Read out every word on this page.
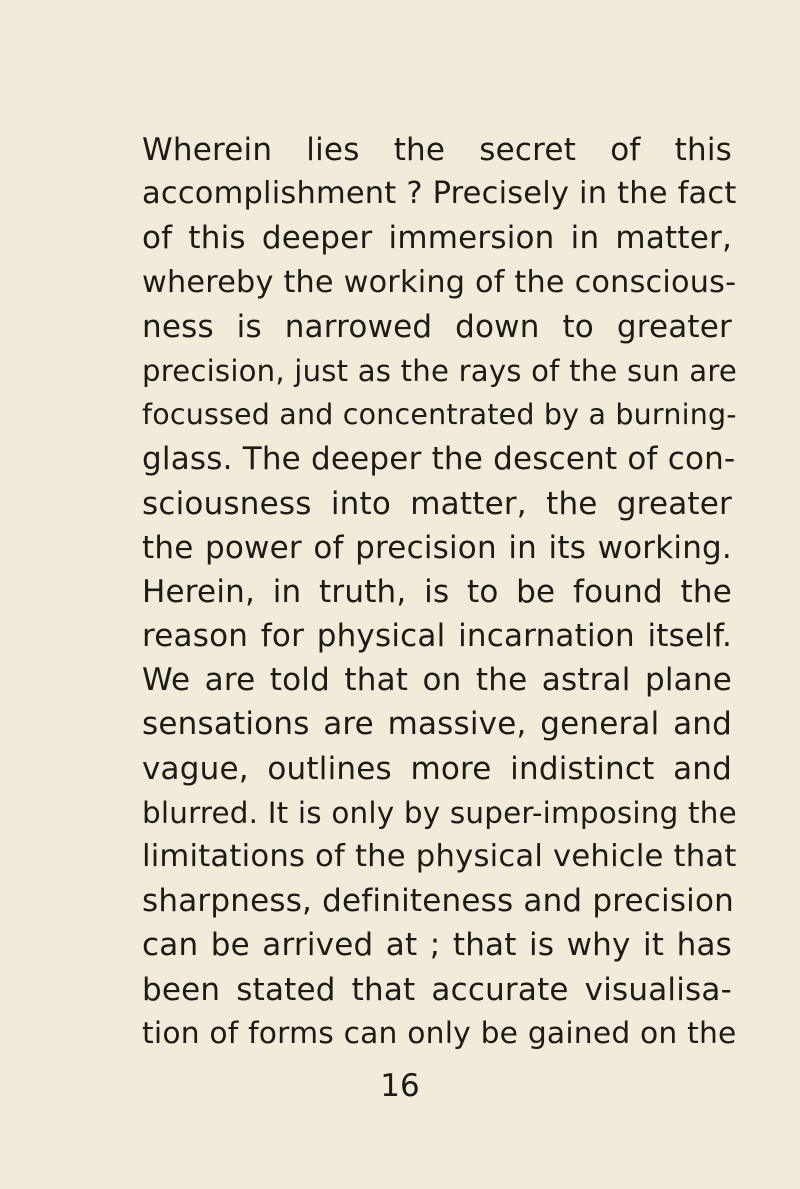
Wherein lies the secret of this
accomplishment ? Precisely in the fact
of this deeper immersion in matter,
whereby the working of the conscious-
ness is narrowed down to greater
precision, just as the rays of the sun are
focussed and concentrated by a burning-
glass. The deeper the descent of con-
sciousness into matter, the greater
the power of precision in its working.
Herein, in truth, is to be found the
reason for physical incarnation itself.
We are told that on the astral plane
sensations are massive, general and
vague, outlines more indistinct and
blurred. It is only by super-imposing the
limitations of the physical vehicle that
sharpness, definiteness and precision
can be arrived at ; that is why it has
been stated that accurate visualisa-
tion of forms can only be gained on the
16
